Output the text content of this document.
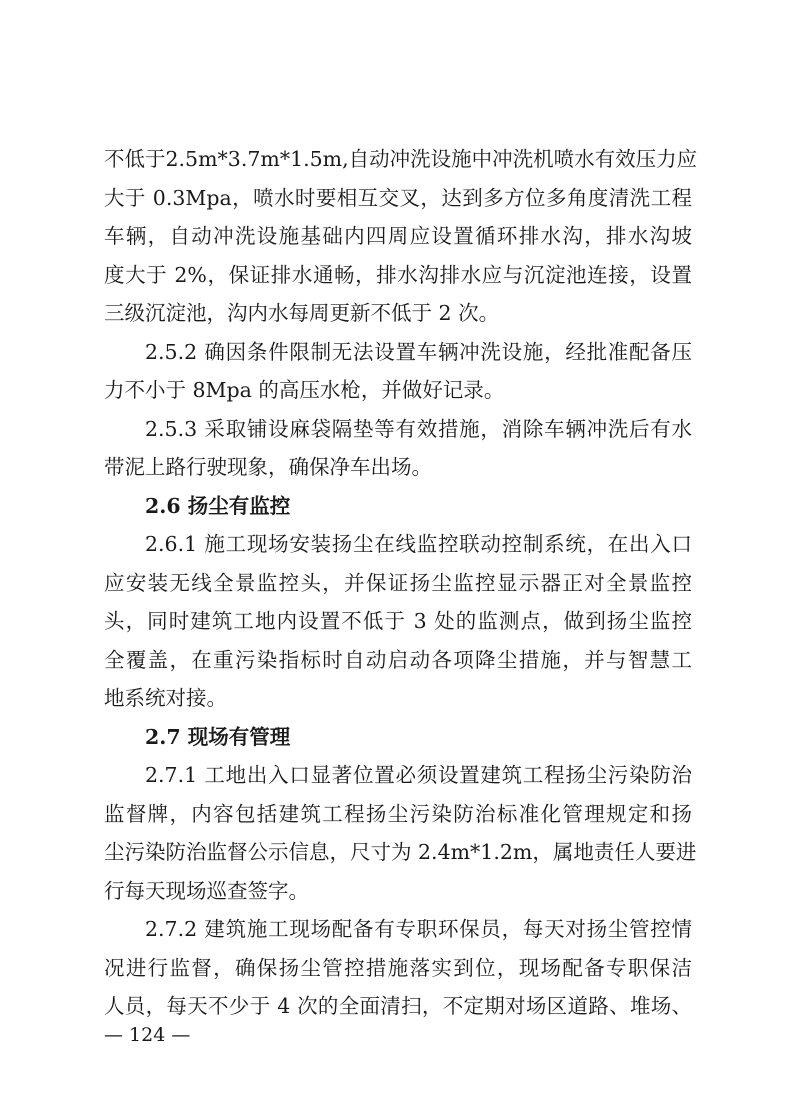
不低于2.5m*3.7m*1.5m,自动冲洗设施中冲洗机喷水有效压力应
大于 0.3Mpa，喷水时要相互交叉，达到多方位多角度清洗工程
车辆，自动冲洗设施基础内四周应设置循环排水沟，排水沟坡
度大于 2%，保证排水通畅，排水沟排水应与沉淀池连接，设置
三级沉淀池，沟内水每周更新不低于 2 次。
2.5.2 确因条件限制无法设置车辆冲洗设施，经批准配备压
力不小于 8Mpa 的高压水枪，并做好记录。
2.5.3 采取铺设麻袋隔垫等有效措施，消除车辆冲洗后有水
带泥上路行驶现象，确保净车出场。
2.6 扬尘有监控
2.6.1 施工现场安装扬尘在线监控联动控制系统，在出入口
应安装无线全景监控头，并保证扬尘监控显示器正对全景监控
头，同时建筑工地内设置不低于 3 处的监测点，做到扬尘监控
全覆盖，在重污染指标时自动启动各项降尘措施，并与智慧工
地系统对接。
2.7 现场有管理
2.7.1 工地出入口显著位置必须设置建筑工程扬尘污染防治
监督牌，内容包括建筑工程扬尘污染防治标准化管理规定和扬
尘污染防治监督公示信息，尺寸为 2.4m*1.2m，属地责任人要进
行每天现场巡查签字。
2.7.2 建筑施工现场配备有专职环保员，每天对扬尘管控情
况进行监督，确保扬尘管控措施落实到位，现场配备专职保洁
人员，每天不少于 4 次的全面清扫，不定期对场区道路、堆场、
— 124 —
